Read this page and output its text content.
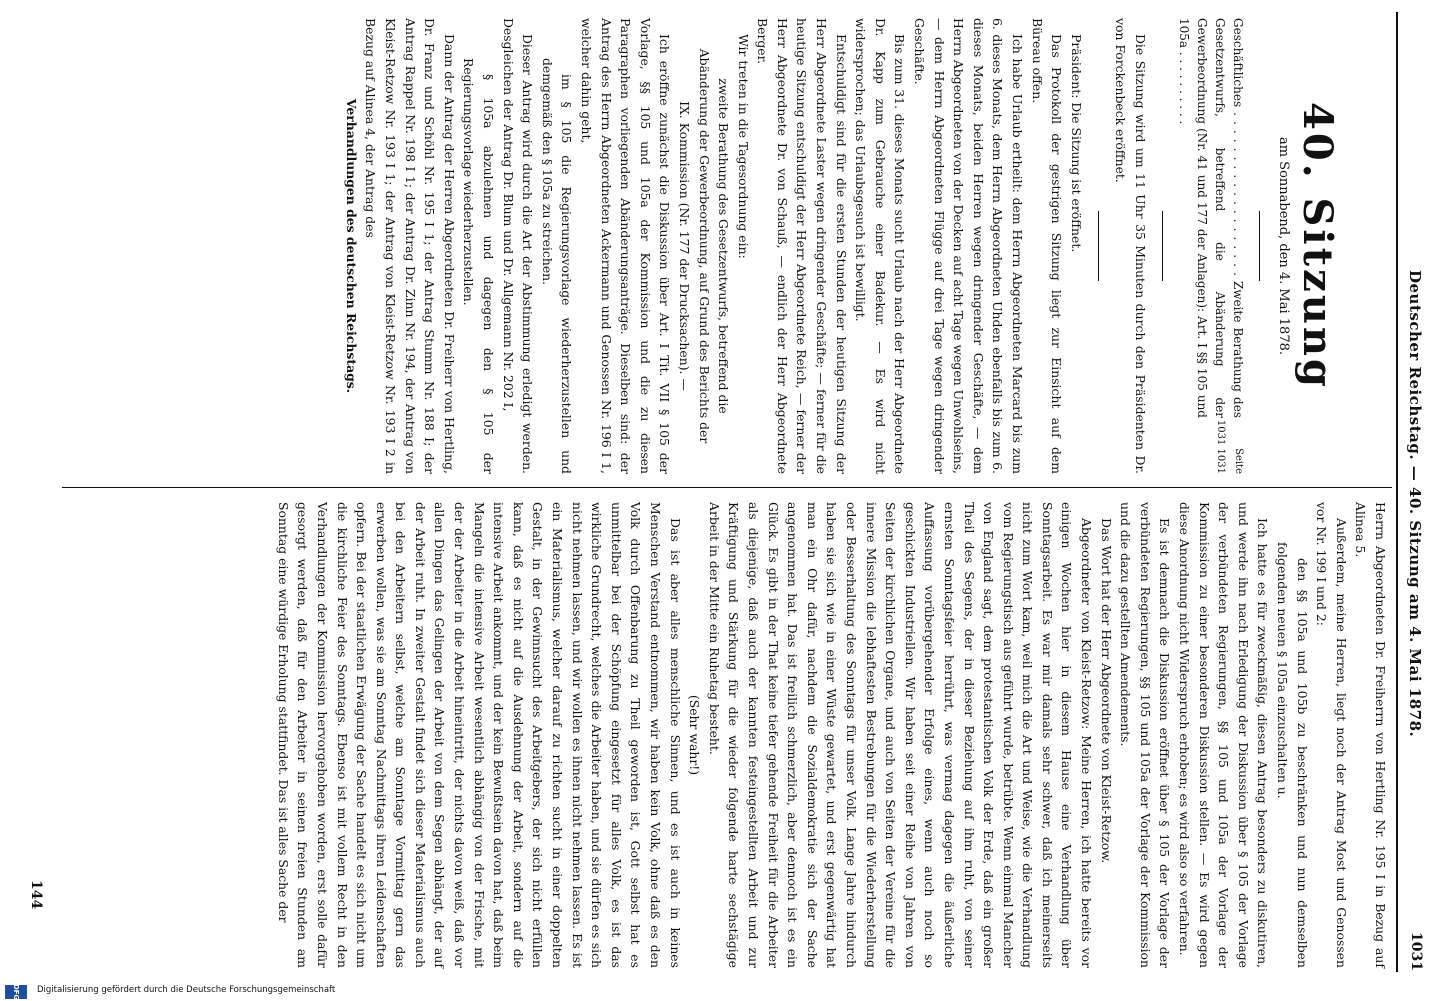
Deutscher Reichstag. — 40. Sitzung am 4. Mai 1878.
1031
40. Sitzung
am Sonnabend, den 4. Mai 1878.
Geschäftliches . . . . . . . . . . . . . . . . . . . Zweite Berathung des Gesetzentwurfs, betreffend die Abänderung der Gewerbeordnung (Nr. 41 und 177 der Anlagen): Art. I §§ 105 und 105a . . . . . . . . . .
Seite
1031 1031

Die Sitzung wird um 11 Uhr 35 Minuten durch den Präsidenten Dr. von Forckenbeck eröffnet.

Präsident: Die Sitzung ist eröffnet.

Das Protokoll der gestrigen Sitzung liegt zur Einsicht auf dem Büreau offen.

Ich habe Urlaub ertheilt: dem Herrn Abgeordneten Marcard bis zum 6. dieses Monats, dem Herrn Abgeordneten Uhden ebenfalls bis zum 6. dieses Monats, beiden Herren wegen dringender Geschäfte, — dem Herrn Abgeordneten von der Decken auf acht Tage wegen Unwohlseins, — dem Herrn Abgeordneten Flügge auf drei Tage wegen dringender Geschäfte.

Bis zum 31. dieses Monats sucht Urlaub nach der Herr Abgeordnete Dr. Kapp zum Gebrauche einer Badekur. — Es wird nicht widersprochen; das Urlaubsgesuch ist bewilligt.

Entschuldigt sind für die ersten Stunden der heutigen Sitzung der Herr Abgeordnete Laster wegen dringender Geschäfte; — ferner für die heutige Sitzung entschuldigt der Herr Abgeordnete Reich, — ferner der Herr Abgeordnete Dr. von Schauß, — endlich der Herr Abgeordnete Berger.

Wir treten in die Tagesordnung ein:

zweite Berathung des Gesetzentwurfs, betreffend die Abänderung der Gewerbeordnung, auf Grund des Berichts der IX. Kommission (Nr. 177 der Drucksachen). —

Ich eröffne zunächst die Diskussion über Art. I Tit. VII § 105 der Vorlage, §§ 105 und 105a der Kommission und die zu diesen Paragraphen vorliegenden Abänderungsanträge. Dieselben sind: der Antrag des Herrn Abgeordneten Ackermann und Genossen Nr. 196 I 1, welcher dahin geht,

im § 105 die Regierungsvorlage wiederherzustellen und demgemäß den § 105a zu streichen.

Dieser Antrag wird durch die Art der Abstimmung erledigt werden. Desgleichen der Antrag Dr. Blum und Dr. Allgemann Nr. 202 I,

§ 105a abzulehnen und dagegen den § 105 der Regierungsvorlage wiederherzustellen.

Dann der Antrag der Herren Abgeordneten Dr. Freiherr von Hertling, Dr. Franz und Schöhl Nr. 195 I 1; der Antrag Stumm Nr. 188 I; der Antrag Rappel Nr. 198 I 1; der Antrag Dr. Zinn Nr. 194, der Antrag von Kleist-Retzow Nr. 193 I 1; der Antrag von Kleist-Retzow Nr. 193 I 2 in Bezug auf Alinea 4, der Antrag des

Verhandlungen des deutschen Reichstags.

Herrn Abgeordneten Dr. Freiherrn von Hertling Nr. 195 I in Bezug auf Alinea 5.

Außerdem, meine Herren, liegt noch der Antrag Most und Genossen vor Nr. 199 I und 2:

den §§ 105a und 105b zu beschränken und nun demselben folgenden neuen § 105a einzuschalten u.

Ich hatte es für zweckmäßig, diesen Antrag besonders zu diskutiren, und werde ihn nach Erledigung der Diskussion über § 105 der Vorlage der verbündeten Regierungen, §§ 105 und 105a der Vorlage der Kommission zu einer besonderen Diskussion stellen. — Es wird gegen diese Anordnung nicht Widerspruch erhoben; es wird also so verfahren.

Es ist demnach die Diskussion eröffnet über § 105 der Vorlage der verbündeten Regierungen, §§ 105 und 105a der Vorlage der Kommission und die dazu gestellten Amendements.

Das Wort hat der Herr Abgeordnete von Kleist-Retzow.

Abgeordneter von Kleist-Retzow: Meine Herren, ich hatte bereits vor einigen Wochen hier in diesem Hause eine Verhandlung über Sonntagsarbeit. Es war mir damals sehr schwer, daß ich meinerseits nicht zum Wort kam, weil mich die Art und Weise, wie die Verhandlung vom Regierungstisch aus geführt wurde, betrübte. Wenn einmal Mancher von England sagt, dem protestantischen Volk der Erde, daß ein großer Theil des Segens, der in dieser Beziehung auf ihm ruht, von seiner ernsten Sonntagsfeier herrührt, was vermag dagegen die äußerliche Auffassung vorübergehender Erfolge eines, wenn auch noch so geschickten Industriellen. Wir haben seit einer Reihe von Jahren von Seiten der kirchlichen Organe, und auch von Seiten der Vereine für die innere Mission die lebhaftesten Bestrebungen für die Wiederherstellung oder Besserhaltung des Sonntags für unser Volk. Lange Jahre hindurch haben sie sich wie in einer Wüste gewartet, und erst gegenwärtig hat man ein Ohr dafür, nachdem die Sozialdemokratie sich der Sache angenommen hat. Das ist freilich schmerzlich, aber dennoch ist es ein Glück. Es gibt in der That keine tiefer gehende Freiheit für die Arbeiter als diejenige, daß auch der kannten festeingestellten Arbeit und zur Kräftigung und Stärkung für die wieder folgende harte sechstägige Arbeit in der Mitte ein Ruhetag besteht.

(Sehr wahr!)

Das ist aber alles menschliche Sinnen, und es ist auch in keines Menschen Verstand entnommen, wir haben kein Volk, ohne daß es den Volk durch Offenbarung zu Theil geworden ist, Gott selbst hat es unmittelbar bei der Schöpfung eingesetzt für alles Volk, es ist das wirkliche Grundrecht, welches die Arbeiter haben, und sie dürfen es sich nicht nehmen lassen, und wir wollen es ihnen nicht nehmen lassen. Es ist ein Materialismus, welcher darauf zu richten sucht in einer doppelten Gestalt, in der Gewinnsucht des Arbeitgebers, der sich nicht erfüllen kann, daß es nicht auf die Ausdehnung der Arbeit, sondern auf die intensive Arbeit ankommt, und der kein Bewußtsein davon hat, daß beim Mangeln die intensive Arbeit wesentlich abhängig von der Frische, mit der der Arbeiter in die Arbeit hineintritt, der nichts davon weiß, daß vor allen Dingen das Gelingen der Arbeit von dem Segen abhängt, der auf der Arbeit ruht. In zweiter Gestalt findet sich dieser Materialismus auch bei den Arbeitern selbst, welche am Sonntage Vormittag gern das erwerben wollen, was sie am Sonntag Nachmittags ihren Leidenschaften opfern. Bei der staatlichen Erwägung der Sache handelt es sich nicht um die kirchliche Feier des Sonntags. Ebenso ist mit vollem Recht in den Verhandlungen der Kommission hervorgehoben worden, erst solle dafür gesorgt werden, daß für den Arbeiter in seinen freien Stunden am Sonntag eine würdige Erholung stattfindet. Das ist alles Sache der

144
Digitalisierung gefördert durch die Deutsche Forschungsgemeinschaft
DFG
